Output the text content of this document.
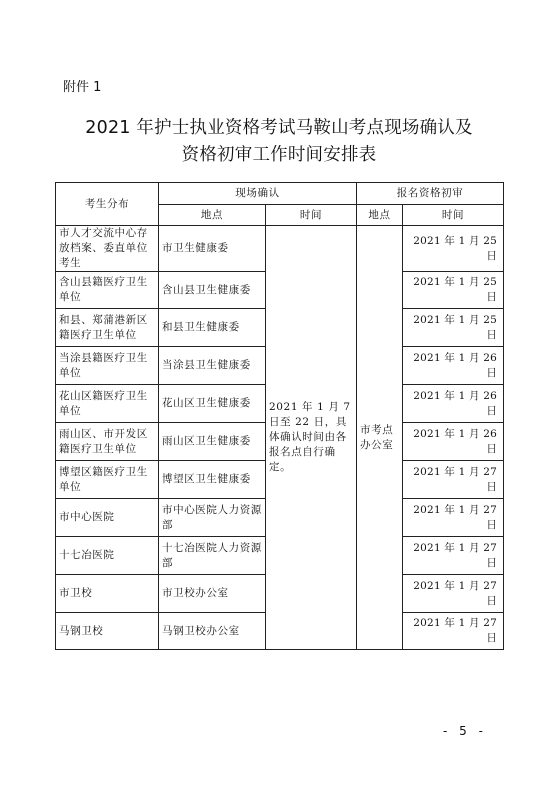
附件 1
2021 年护士执业资格考试马鞍山考点现场确认及
资格初审工作时间安排表
考生分布	现场确认		报名资格初审	
	地点	时间	地点	时间
市人才交流中心存放档案、委直单位考生	市卫生健康委	2021 年 1 月 7 日至 22 日，具体确认时间由各报名点自行确定。	市考点办公室	2021 年 1 月 25 日
含山县籍医疗卫生单位	含山县卫生健康委			2021 年 1 月 25 日
和县、郑蒲港新区籍医疗卫生单位	和县卫生健康委			2021 年 1 月 25 日
当涂县籍医疗卫生单位	当涂县卫生健康委			2021 年 1 月 26 日
花山区籍医疗卫生单位	花山区卫生健康委			2021 年 1 月 26 日
雨山区、市开发区籍医疗卫生单位	雨山区卫生健康委			2021 年 1 月 26 日
博望区籍医疗卫生单位	博望区卫生健康委			2021 年 1 月 27 日
市中心医院	市中心医院人力资源部			2021 年 1 月 27 日
十七冶医院	十七冶医院人力资源部			2021 年 1 月 27 日
市卫校	市卫校办公室			2021 年 1 月 27 日
马钢卫校	马钢卫校办公室			2021 年 1 月 27 日
- 5 -
